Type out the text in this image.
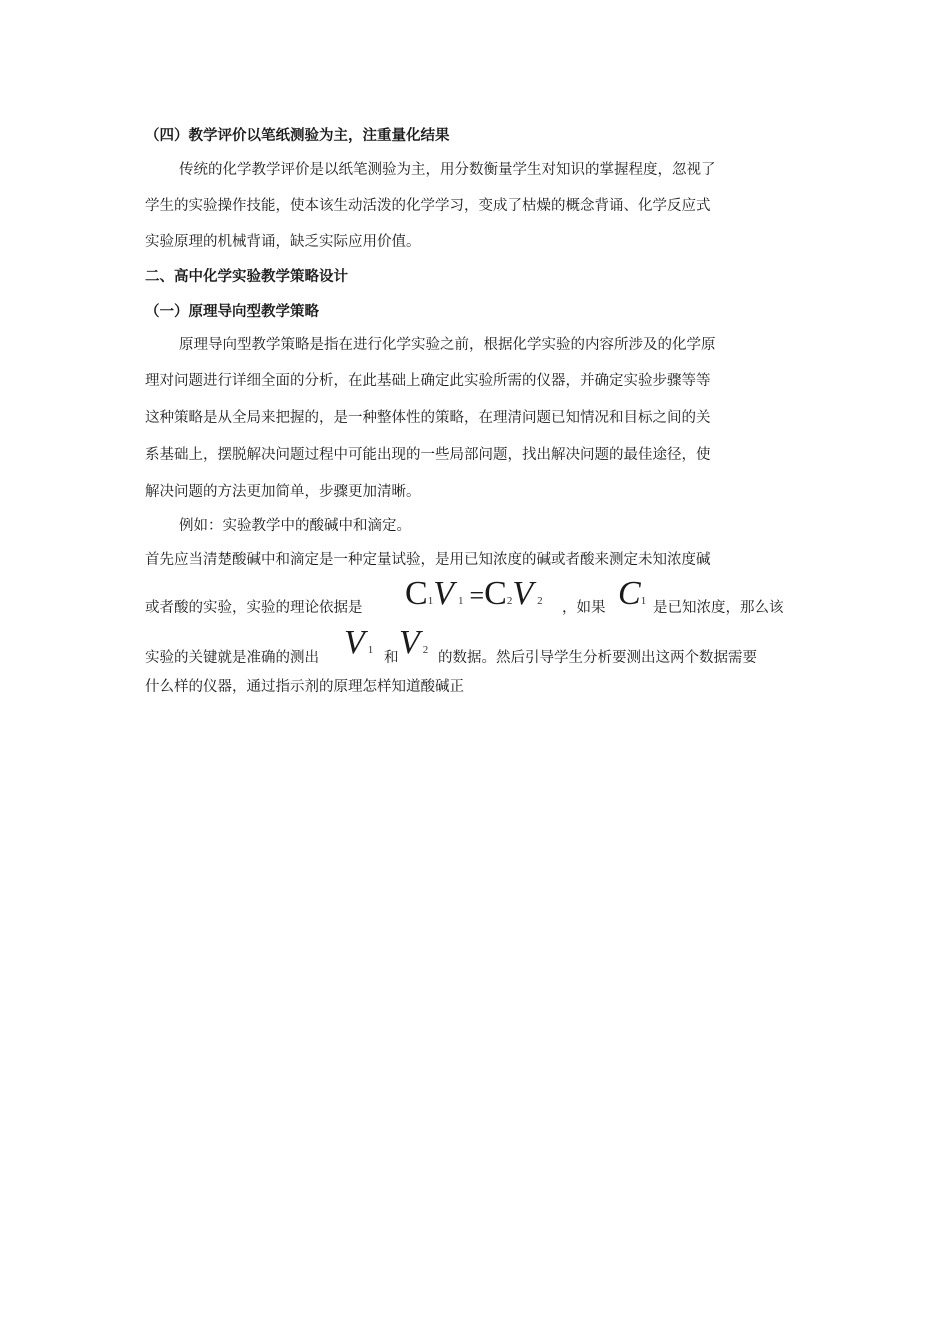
（四）教学评价以笔纸测验为主，注重量化结果
传统的化学教学评价是以纸笔测验为主，用分数衡量学生对知识的掌握程度，忽视了
学生的实验操作技能，使本该生动活泼的化学学习，变成了枯燥的概念背诵、化学反应式
实验原理的机械背诵，缺乏实际应用价值。
二、高中化学实验教学策略设计
（一）原理导向型教学策略
原理导向型教学策略是指在进行化学实验之前，根据化学实验的内容所涉及的化学原
理对问题进行详细全面的分析，在此基础上确定此实验所需的仪器，并确定实验步骤等等
这种策略是从全局来把握的，是一种整体性的策略，在理清问题已知情况和目标之间的关
系基础上，摆脱解决问题过程中可能出现的一些局部问题，找出解决问题的最佳途径，使
解决问题的方法更加简单，步骤更加清晰。
例如：实验教学中的酸碱中和滴定。
首先应当清楚酸碱中和滴定是一种定量试验，是用已知浓度的碱或者酸来测定未知浓度碱
或者酸的实验，实验的理论依据是 C1V 1 =C2V 2 ，如果 C1 是已知浓度，那么该
实验的关键就是准确的测出 V 1 和 V 2 的数据。然后引导学生分析要测出这两个数据需要
什么样的仪器，通过指示剂的原理怎样知道酸碱正
